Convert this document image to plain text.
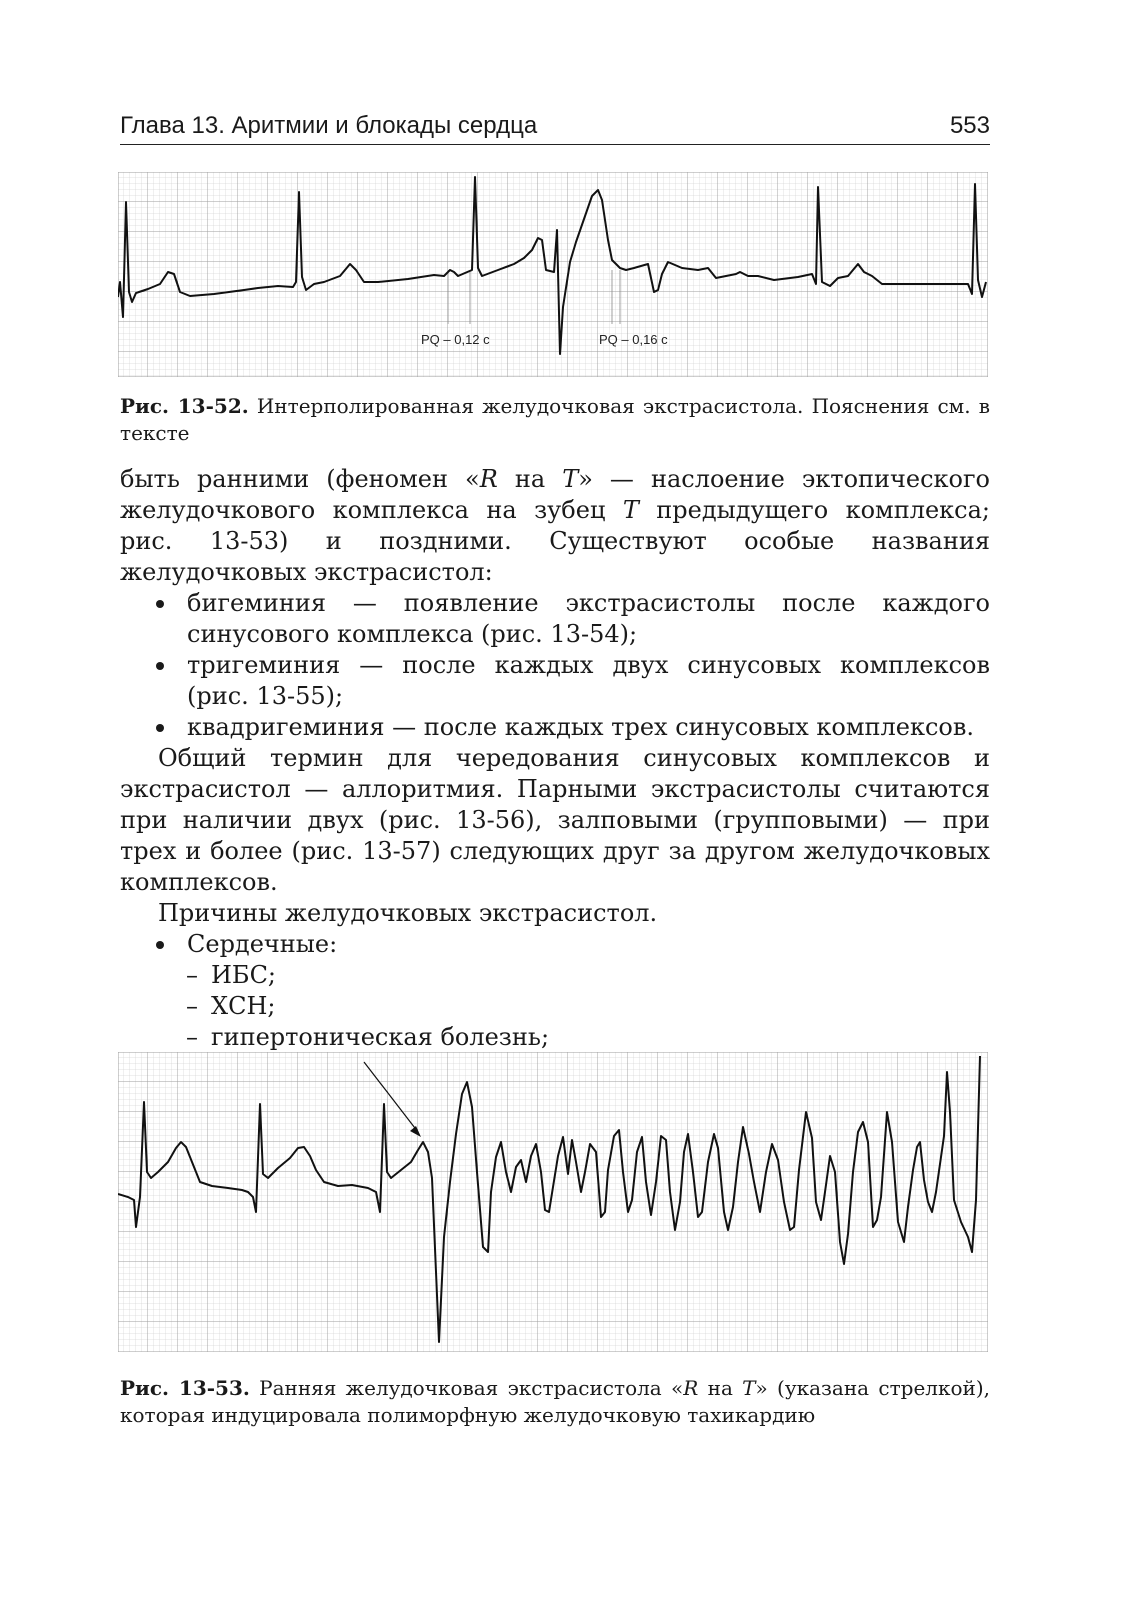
Глава 13. Аритмии и блокады сердца	553
PQ – 0,12 с	PQ – 0,16 с
Рис. 13-52. Интерполированная желудочковая экстрасистола. Пояснения см. в тексте

быть ранними (феномен «R на T» — наслоение эктопического желудочкового комплекса на зубец T предыдущего комплекса; рис. 13-53) и поздними. Существуют особые названия желудочковых экстрасистол:

бигеминия — появление экстрасистолы после каждого синусового комплекса (рис. 13-54);

тригеминия — после каждых двух синусовых комплексов (рис. 13-55);

квадригеминия — после каждых трех синусовых комплексов.

Общий термин для чередования синусовых комплексов и экстрасистол — аллоритмия. Парными экстрасистолы считаются при наличии двух (рис. 13-56), залповыми (групповыми) — при трех и более (рис. 13-57) следующих друг за другом желудочковых комплексов.

Причины желудочковых экстрасистол.

Сердечные:

– ИБС;

– ХСН;

– гипертоническая болезнь;

Рис. 13-53. Ранняя желудочковая экстрасистола «R на T» (указана стрелкой), которая индуцировала полиморфную желудочковую тахикардию
